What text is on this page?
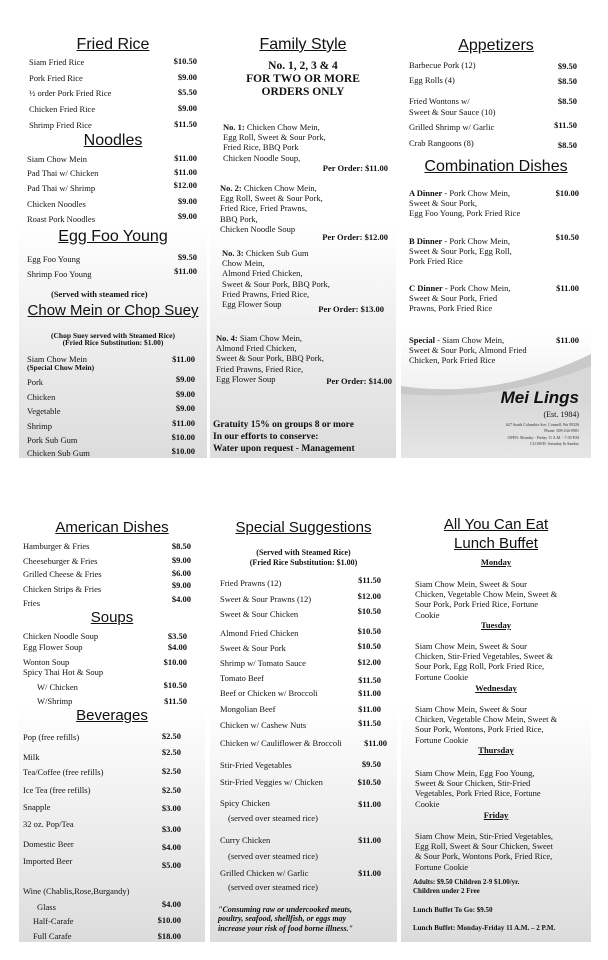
Fried Rice
Siam Fried Rice	$10.50
Pork Fried Rice	$9.00
½ order Pork Fried Rice	$5.50
Chicken Fried Rice	$9.00
Shrimp Fried Rice	$11.50
Noodles
Siam Chow Mein	$11.00
Pad Thai w/ Chicken	$11.00
Pad Thai w/ Shrimp	$12.00
Chicken Noodles	$9.00
Roast Pork Noodles	$9.00
Egg Foo Young
Egg Foo Young	$9.50
Shrimp Foo Young	$11.00
(Served with steamed rice)
Chow Mein or Chop Suey
(Chop Suey served with Steamed Rice)
(Fried Rice Substitution: $1.00)
Siam Chow Mein	$11.00
(Special Chow Mein)
Pork	$9.00
Chicken	$9.00
Vegetable	$9.00
Shrimp	$11.00
Pork Sub Gum	$10.00
Chicken Sub Gum	$10.00
Family Style
No. 1, 2, 3 & 4
FOR TWO OR MORE
ORDERS ONLY
No. 1: Chicken Chow Mein,
Egg Roll, Sweet & Sour Pork,
Fried Rice, BBQ Pork
Chicken Noodle Soup,
Per Order: $11.00
No. 2: Chicken Chow Mein,
Egg Roll, Sweet & Sour Pork,
Fried Rice, Fried Prawns,
BBQ Pork,
Chicken Noodle Soup
Per Order: $12.00
No. 3: Chicken Sub Gum
Chow Mein,
Almond Fried Chicken,
Sweet & Sour Pork, BBQ Pork,
Fried Prawns, Fried Rice,
Egg Flower Soup	Per Order: $13.00
No. 4: Siam Chow Mein,
Almond Fried Chicken,
Sweet & Sour Pork, BBQ Pork,
Fried Prawns, Fried Rice,
Egg Flower Soup	Per Order: $14.00
Gratuity 15% on groups 8 or more
In our efforts to conserve:
Water upon request - Management
Appetizers
Barbecue Pork (12)	$9.50
Egg Rolls (4)	$8.50
Fried Wontons w/	$8.50
Sweet & Sour Sauce (10)
Grilled Shrimp w/ Garlic	$11.50
Crab Rangoons (8)	$8.50
Combination Dishes
A Dinner - Pork Chow Mein,
Sweet & Sour Pork,
Egg Foo Young, Pork Fried Rice
$10.00
B Dinner - Pork Chow Mein,
Sweet & Sour Pork, Egg Roll,
Pork Fried Rice
$10.50
C Dinner - Pork Chow Mein,
Sweet & Sour Pork, Fried
Prawns, Pork Fried Rice
$11.00
Special - Siam Chow Mein,
Sweet & Sour Pork, Almond Fried
Chicken, Pork Fried Rice
$11.00
Mei Lings
(Est. 1984)
627 South Columbia Ave. Connell, Wa 99326
Phone: 509-234-0981
OPEN: Monday - Friday 11 A.M. - 7:30 P.M
CLOSED: Saturday & Sunday
American Dishes
Hamburger & Fries	$8.50
Cheeseburger & Fries	$9.00
Grilled Cheese & Fries	$6.00
Chicken Strips & Fries	$9.00
Fries	$4.00
Soups
Chicken Noodle Soup	$3.50
Egg Flower Soup	$4.00
Wonton Soup	$10.00
Spicy Thai Hot & Soup
W/ Chicken	$10.50
W/Shrimp	$11.50
Beverages
Pop (free refills)	$2.50
Milk	$2.50
Tea/Coffee (free refills)	$2.50
Ice Tea (free refills)	$2.50
Snapple	$3.00
32 oz. Pop/Tea	$3.00
Domestic Beer	$4.00
Imported Beer	$5.00
Wine (Chablis,Rose,Burgandy)
Glass	$4.00
Half-Carafe	$10.00
Full Carafe	$18.00
Special Suggestions
(Served with Steamed Rice)
(Fried Rice Substitution: $1.00)
Fried Prawns (12)	$11.50
Sweet & Sour Prawns (12)	$12.00
Sweet & Sour Chicken	$10.50
Almond Fried Chicken	$10.50
Sweet & Sour Pork	$10.50
Shrimp w/ Tomato Sauce	$12.00
Tomato Beef	$11.50
Beef or Chicken w/ Broccoli	$11.00
Mongolian Beef	$11.00
Chicken w/ Cashew Nuts	$11.50
Chicken w/ Cauliflower & Broccoli	$11.00
Stir-Fried Vegetables	$9.50
Stir-Fried Veggies w/ Chicken	$10.50
Spicy Chicken	$11.00
(served over steamed rice)
Curry Chicken	$11.00
(served over steamed rice)
Grilled Chicken w/ Garlic	$11.00
(served over steamed rice)
"Consuming raw or undercooked meats,
poultry, seafood, shellfish, or eggs may
increase your risk of food borne illness."
All You Can Eat
Lunch Buffet
Monday
Siam Chow Mein, Sweet & Sour
Chicken, Vegetable Chow Mein, Sweet &
Sour Pork, Pork Fried Rice, Fortune
Cookie
Tuesday
Siam Chow Mein, Sweet & Sour
Chicken, Stir-Fried Vegetables, Sweet &
Sour Pork, Egg Roll, Pork Fried Rice,
Fortune Cookie
Wednesday
Siam Chow Mein, Sweet & Sour
Chicken, Vegetable Chow Mein, Sweet &
Sour Pork, Wontons, Pork Fried Rice,
Fortune Cookie
Thursday
Siam Chow Mein, Egg Foo Young,
Sweet & Sour Chicken, Stir-Fried
Vegetables, Pork Fried Rice, Fortune
Cookie
Friday
Siam Chow Mein, Stir-Fried Vegetables,
Egg Roll, Sweet & Sour Chicken, Sweet
& Sour Pork, Wontons Pork, Fried Rice,
Fortune Cookie
Adults: $9.50 Children 2-9 $1.00/yr.
Children under 2 Free
Lunch Buffet To Go: $9.50
Lunch Buffet: Monday-Friday 11 A.M. – 2 P.M.
